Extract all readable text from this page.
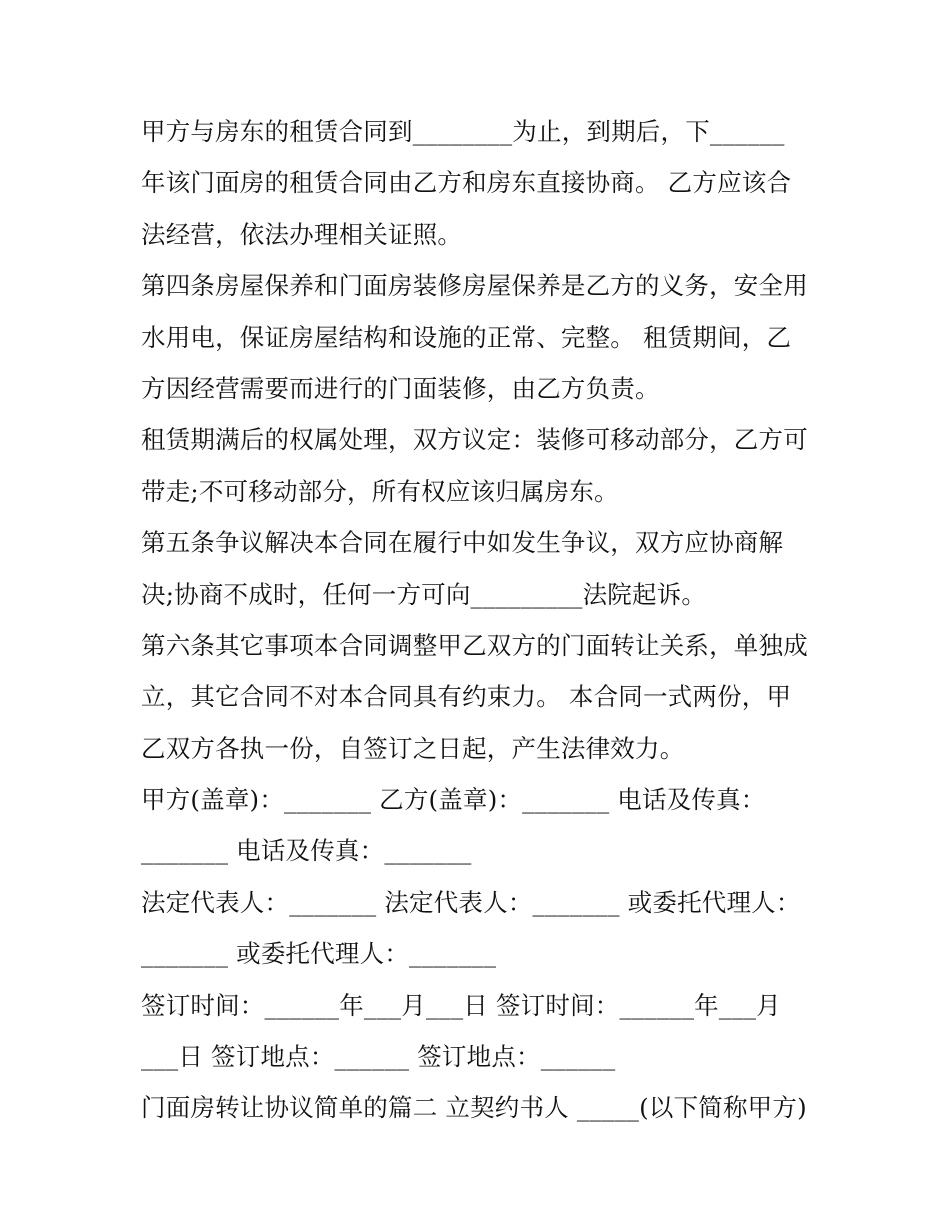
甲方与房东的租赁合同到________为止，到期后，下______
年该门面房的租赁合同由乙方和房东直接协商。 乙方应该合
法经营，依法办理相关证照。
第四条房屋保养和门面房装修房屋保养是乙方的义务，安全用
水用电，保证房屋结构和设施的正常、完整。 租赁期间，乙
方因经营需要而进行的门面装修，由乙方负责。
租赁期满后的权属处理，双方议定：装修可移动部分，乙方可
带走;不可移动部分，所有权应该归属房东。
第五条争议解决本合同在履行中如发生争议，双方应协商解
决;协商不成时，任何一方可向_________法院起诉。
第六条其它事项本合同调整甲乙双方的门面转让关系，单独成
立，其它合同不对本合同具有约束力。 本合同一式两份，甲
乙双方各执一份，自签订之日起，产生法律效力。
甲方(盖章)：_______ 乙方(盖章)：_______ 电话及传真：
_______ 电话及传真：_______
法定代表人：_______ 法定代表人：_______ 或委托代理人：
_______ 或委托代理人：_______
签订时间：______年___月___日 签订时间：______年___月
___日 签订地点：______ 签订地点：______
门面房转让协议简单的篇二 立契约书人 _____(以下简称甲方)
